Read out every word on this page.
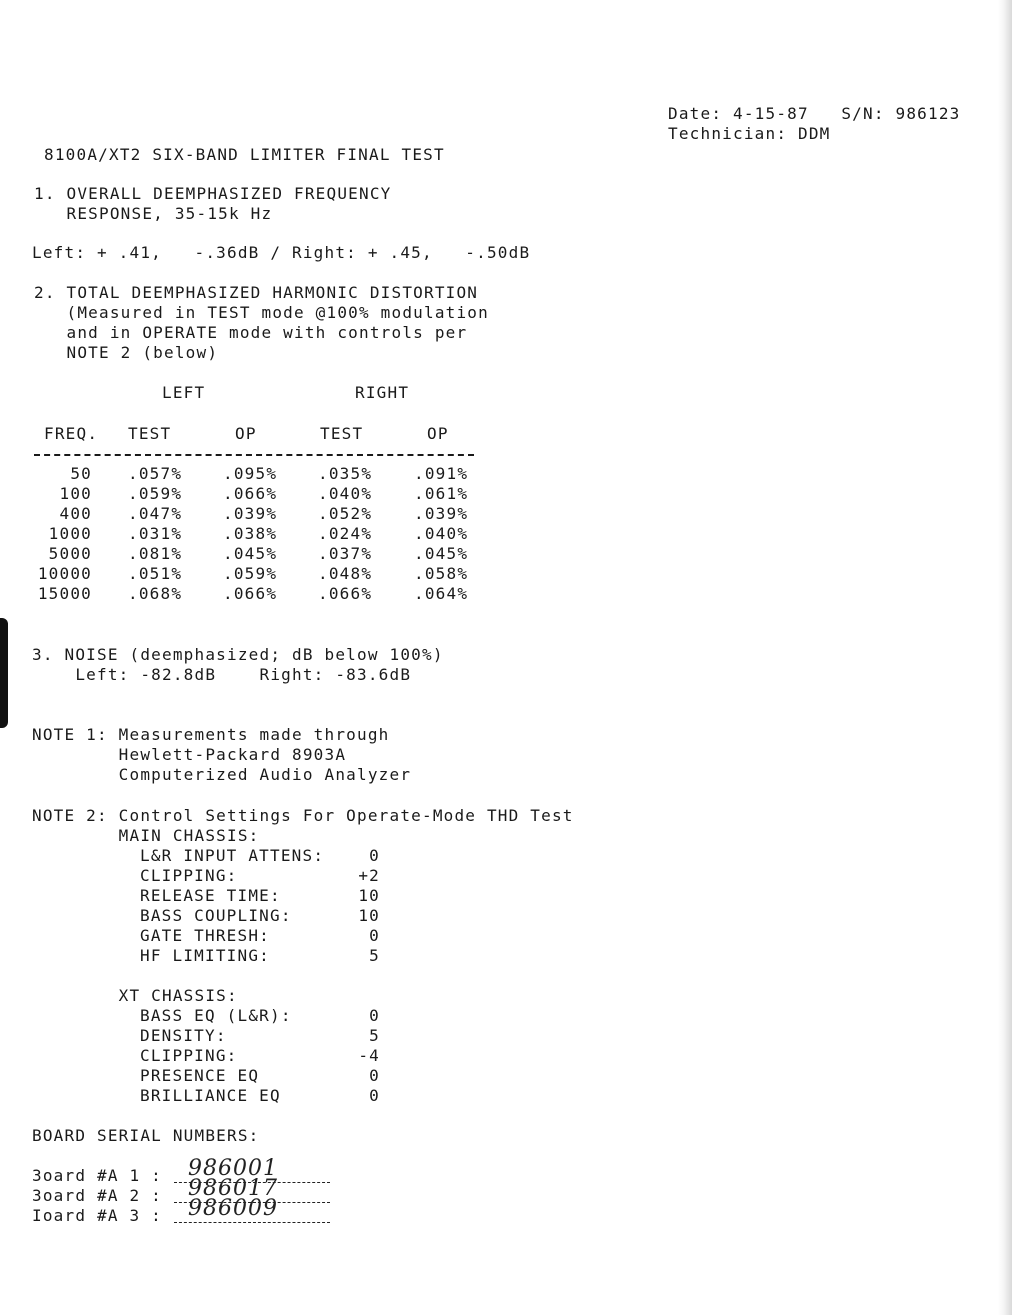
Date: 4-15-87   S/N: 986123
Technician: DDM
8100A/XT2 SIX-BAND LIMITER FINAL TEST
1. OVERALL DEEMPHASIZED FREQUENCY
RESPONSE, 35-15k Hz
Left: + .41,   -.36dB / Right: + .45,   -.50dB
2. TOTAL DEEMPHASIZED HARMONIC DISTORTION
(Measured in TEST mode @100% modulation
and in OPERATE mode with controls per
NOTE 2 (below)
LEFT	RIGHT
FREQ. TEST	OP	TEST	OP
50 .057%	.095%	.035%	.091%
100 .059%	.066%	.040%	.061%
400 .047%	.039%	.052%	.039%
1000 .031%	.038%	.024%	.040%
5000 .081%	.045%	.037%	.045%
10000 .051%	.059%	.048%	.058%
15000 .068%	.066%	.066%	.064%
3. NOISE (deemphasized; dB below 100%)
Left: -82.8dB    Right: -83.6dB
NOTE 1: Measurements made through
Hewlett-Packard 8903A
Computerized Audio Analyzer
NOTE 2: Control Settings For Operate-Mode THD Test
MAIN CHASSIS:
L&R INPUT ATTENS:	0
CLIPPING:	+2
RELEASE TIME:	10
BASS COUPLING:	10
GATE THRESH:	0
HF LIMITING:	5
XT CHASSIS:
BASS EQ (L&R):	0
DENSITY:	5
CLIPPING:	-4
PRESENCE EQ	0
BRILLIANCE EQ	0
BOARD SERIAL NUMBERS:
3oard #A 1 : 986001
3oard #A 2 : 986017
Ioard #A 3 : 986009
